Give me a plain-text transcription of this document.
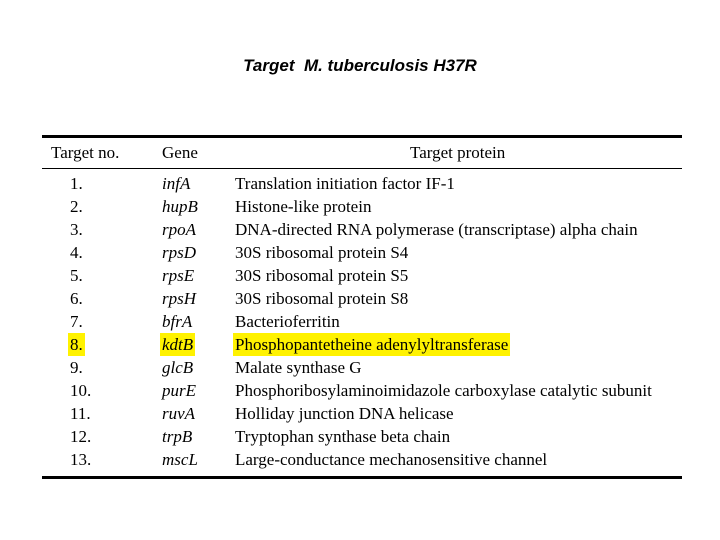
Target  M. tuberculosis H37R
Target no.	Gene	Target protein
1.	infA	Translation initiation factor IF-1
2.	hupB Histone-like protein
3.	rpoA DNA-directed RNA polymerase (transcriptase) alpha chain
4.	rpsD 30S ribosomal protein S4
5.	rpsE 30S ribosomal protein S5
6.	rpsH 30S ribosomal protein S8
7.	bfrA	Bacterioferritin
8.	kdtB Phosphopantetheine adenylyltransferase
9.	glcB Malate synthase G
10.	purE Phosphoribosylaminoimidazole carboxylase catalytic subunit
11.	ruvA Holliday junction DNA helicase
12.	trpB	Tryptophan synthase beta chain
13.	mscL Large-conductance mechanosensitive channel
